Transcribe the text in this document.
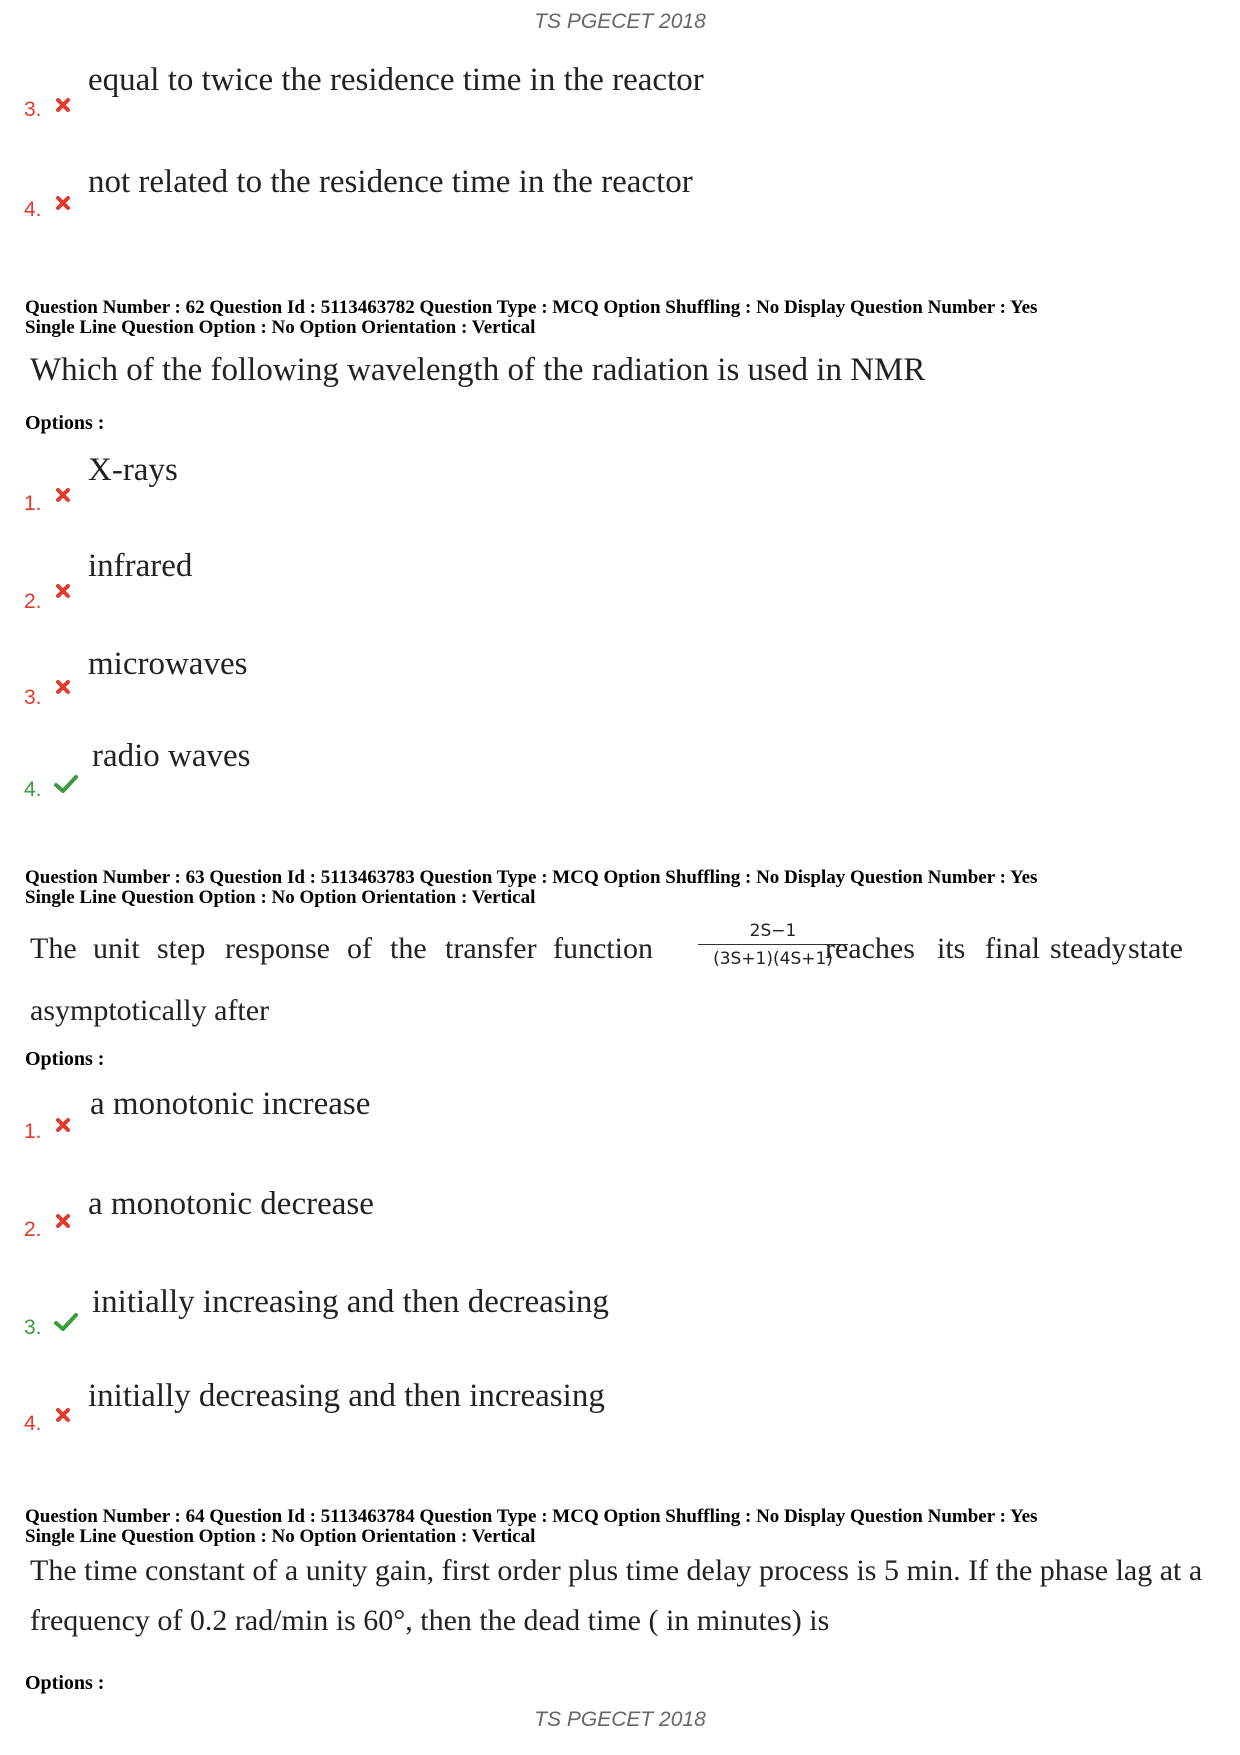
TS PGECET 2018
3.
equal to twice the residence time in the reactor
4.
not related to the residence time in the reactor
Question Number : 62 Question Id : 5113463782 Question Type : MCQ Option Shuffling : No Display Question Number : Yes
Single Line Question Option : No Option Orientation : Vertical
Which of the following wavelength of the radiation is used in NMR
Options :
1.
X-rays
2.
infrared
3.
microwaves
4.
radio waves
Question Number : 63 Question Id : 5113463783 Question Type : MCQ Option Shuffling : No Display Question Number : Yes
Single Line Question Option : No Option Orientation : Vertical
The unit step response of the transfer function
2S−1
(3S+1)(4S+1)
reaches its final steady state
asymptotically after
Options :
1.
a monotonic increase
2.
a monotonic decrease
3.
initially increasing and then decreasing
4.
initially decreasing and then increasing
Question Number : 64 Question Id : 5113463784 Question Type : MCQ Option Shuffling : No Display Question Number : Yes
Single Line Question Option : No Option Orientation : Vertical
The time constant of a unity gain, first order plus time delay process is 5 min. If the phase lag at a
frequency of 0.2 rad/min is 60°, then the dead time ( in minutes) is
Options :
TS PGECET 2018
